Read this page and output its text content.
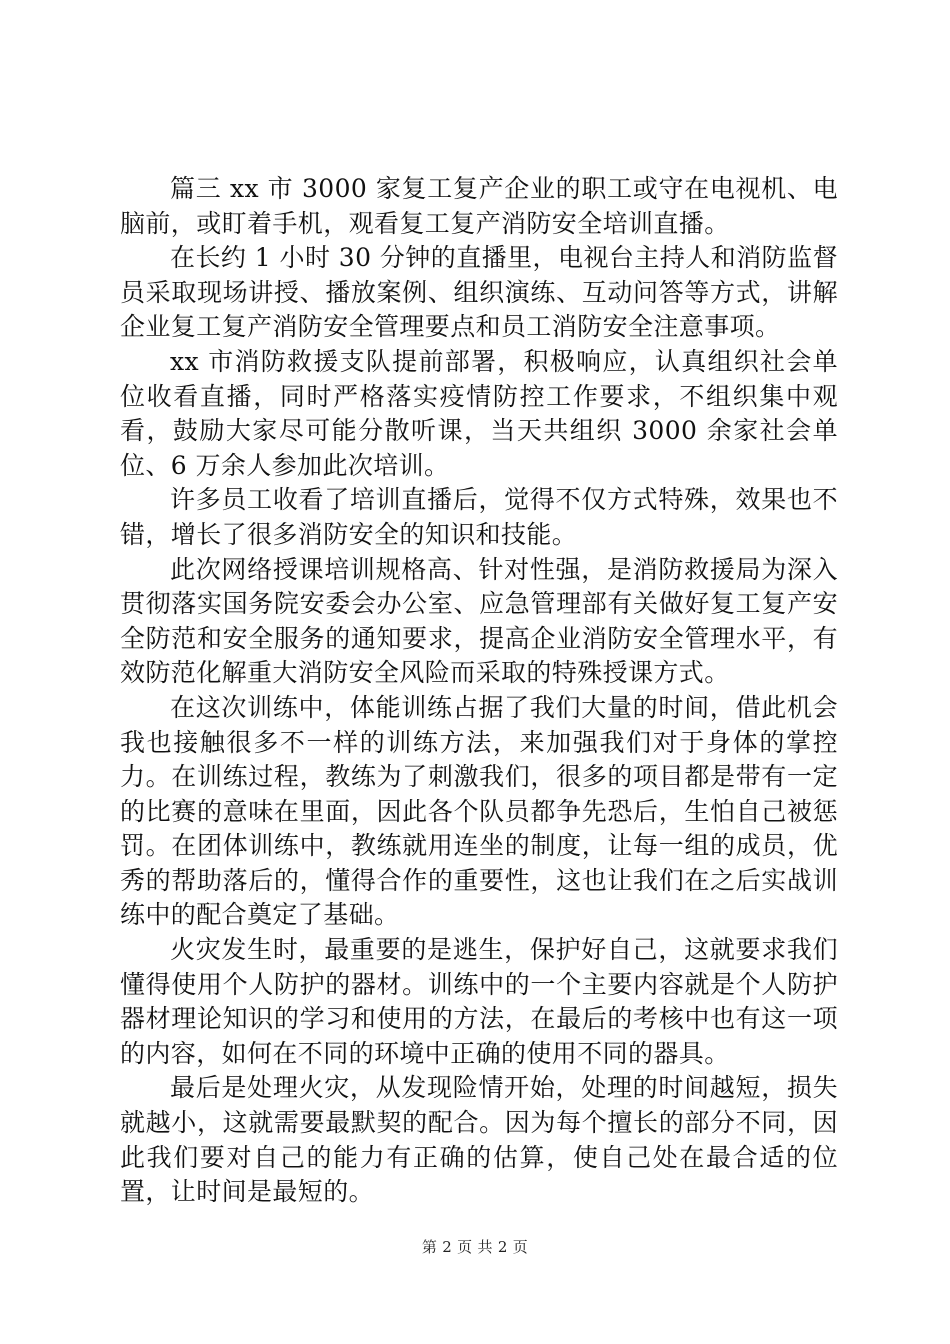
篇三 xx 市 3000 家复工复产企业的职工或守在电视机、电脑前，或盯着手机，观看复工复产消防安全培训直播。

在长约 1 小时 30 分钟的直播里，电视台主持人和消防监督员采取现场讲授、播放案例、组织演练、互动问答等方式，讲解企业复工复产消防安全管理要点和员工消防安全注意事项。

xx 市消防救援支队提前部署，积极响应，认真组织社会单位收看直播，同时严格落实疫情防控工作要求，不组织集中观看，鼓励大家尽可能分散听课，当天共组织 3000 余家社会单位、6 万余人参加此次培训。

许多员工收看了培训直播后，觉得不仅方式特殊，效果也不错，增长了很多消防安全的知识和技能。

此次网络授课培训规格高、针对性强，是消防救援局为深入贯彻落实国务院安委会办公室、应急管理部有关做好复工复产安全防范和安全服务的通知要求，提高企业消防安全管理水平，有效防范化解重大消防安全风险而采取的特殊授课方式。

在这次训练中，体能训练占据了我们大量的时间，借此机会我也接触很多不一样的训练方法，来加强我们对于身体的掌控力。在训练过程，教练为了刺激我们，很多的项目都是带有一定的比赛的意味在里面，因此各个队员都争先恐后，生怕自己被惩罚。在团体训练中，教练就用连坐的制度，让每一组的成员，优秀的帮助落后的，懂得合作的重要性，这也让我们在之后实战训练中的配合奠定了基础。

火灾发生时，最重要的是逃生，保护好自己，这就要求我们懂得使用个人防护的器材。训练中的一个主要内容就是个人防护器材理论知识的学习和使用的方法，在最后的考核中也有这一项的内容，如何在不同的环境中正确的使用不同的器具。

最后是处理火灾，从发现险情开始，处理的时间越短，损失就越小，这就需要最默契的配合。因为每个擅长的部分不同，因此我们要对自己的能力有正确的估算，使自己处在最合适的位置，让时间是最短的。

第 2 页 共 2 页
